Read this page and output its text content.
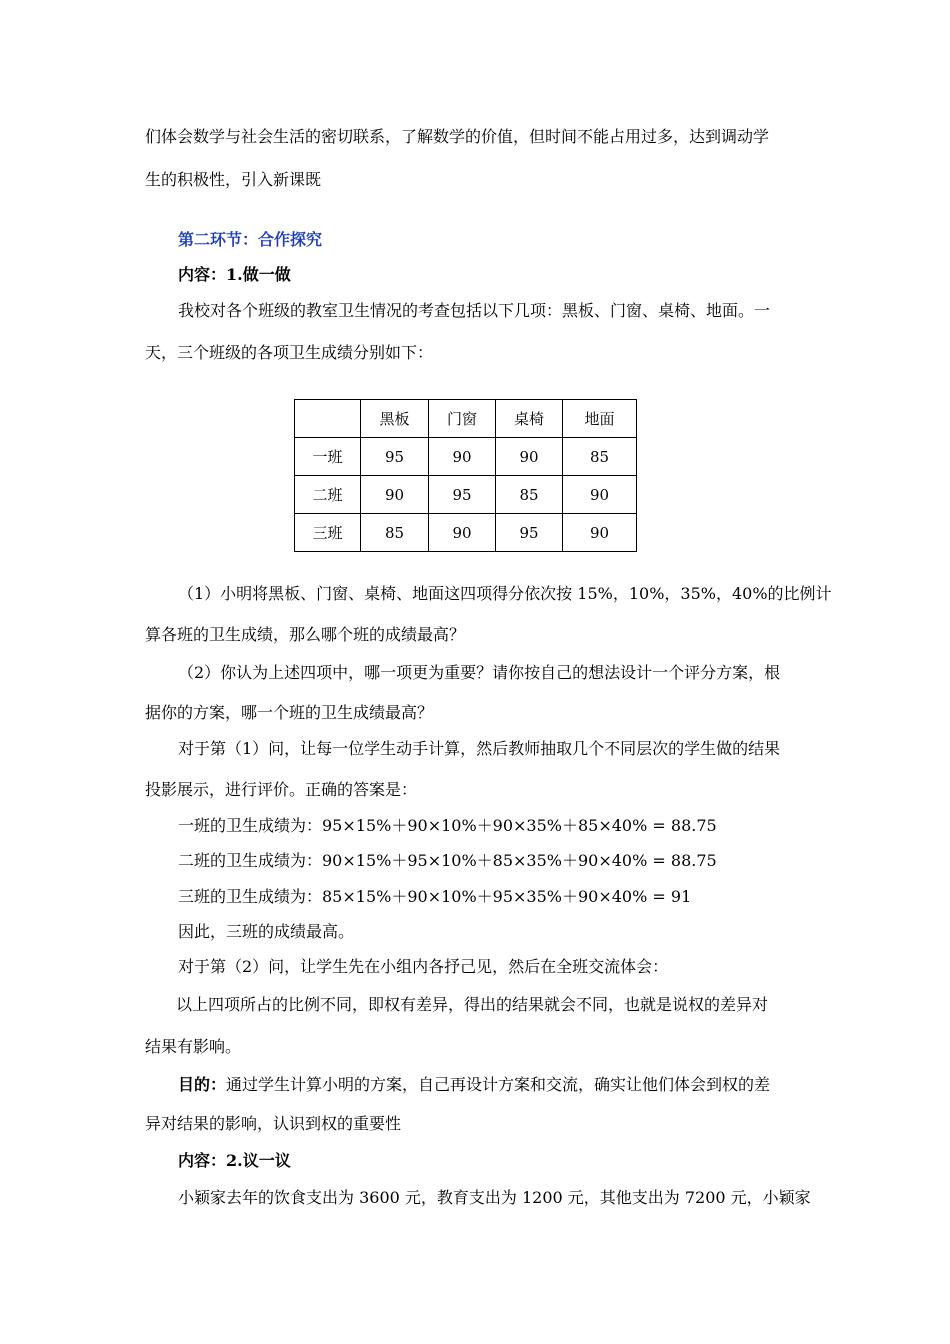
们体会数学与社会生活的密切联系，了解数学的价值，但时间不能占用过多，达到调动学
生的积极性，引入新课既
第二环节：合作探究
内容：1.做一做
我校对各个班级的教室卫生情况的考查包括以下几项：黑板、门窗、桌椅、地面。一
天，三个班级的各项卫生成绩分别如下：
	黑板	门窗	桌椅	地面
一班	95	90	90	85
二班	90	95	85	90
三班	85	90	95	90
（1）小明将黑板、门窗、桌椅、地面这四项得分依次按 15%，10%，35%，40%的比例计
算各班的卫生成绩，那么哪个班的成绩最高？
（2）你认为上述四项中，哪一项更为重要？请你按自己的想法设计一个评分方案，根
据你的方案，哪一个班的卫生成绩最高？
对于第（1）问，让每一位学生动手计算，然后教师抽取几个不同层次的学生做的结果
投影展示，进行评价。正确的答案是：
一班的卫生成绩为：95×15%＋90×10%＋90×35%＋85×40% = 88.75
二班的卫生成绩为：90×15%＋95×10%＋85×35%＋90×40% = 88.75
三班的卫生成绩为：85×15%＋90×10%＋95×35%＋90×40% = 91
因此，三班的成绩最高。
对于第（2）问，让学生先在小组内各抒己见，然后在全班交流体会：
以上四项所占的比例不同，即权有差异，得出的结果就会不同，也就是说权的差异对
结果有影响。
目的：通过学生计算小明的方案，自己再设计方案和交流，确实让他们体会到权的差
异对结果的影响，认识到权的重要性
内容：2.议一议
小颖家去年的饮食支出为 3600 元，教育支出为 1200 元，其他支出为 7200 元，小颖家
